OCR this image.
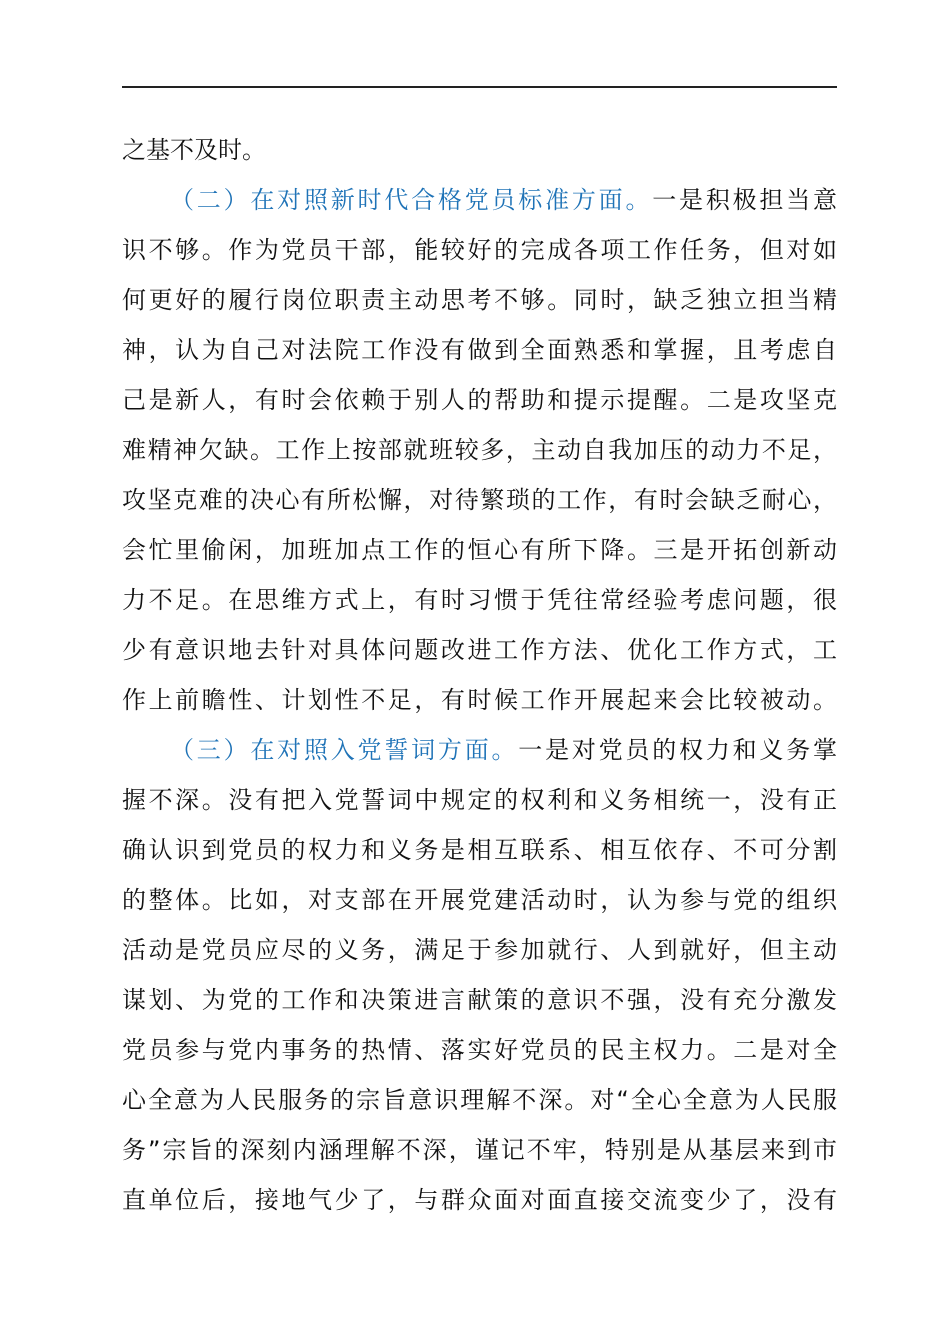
之基不及时。
（二）在对照新时代合格党员标准方面。一是积极担当意
识不够。作为党员干部，能较好的完成各项工作任务，但对如
何更好的履行岗位职责主动思考不够。同时，缺乏独立担当精
神，认为自己对法院工作没有做到全面熟悉和掌握，且考虑自
己是新人，有时会依赖于别人的帮助和提示提醒。二是攻坚克
难精神欠缺。工作上按部就班较多，主动自我加压的动力不足，
攻坚克难的决心有所松懈，对待繁琐的工作，有时会缺乏耐心，
会忙里偷闲，加班加点工作的恒心有所下降。三是开拓创新动
力不足。在思维方式上，有时习惯于凭往常经验考虑问题，很
少有意识地去针对具体问题改进工作方法、优化工作方式，工
作上前瞻性、计划性不足，有时候工作开展起来会比较被动。
（三）在对照入党誓词方面。一是对党员的权力和义务掌
握不深。没有把入党誓词中规定的权利和义务相统一，没有正
确认识到党员的权力和义务是相互联系、相互依存、不可分割
的整体。比如，对支部在开展党建活动时，认为参与党的组织
活动是党员应尽的义务，满足于参加就行、人到就好，但主动
谋划、为党的工作和决策进言献策的意识不强，没有充分激发
党员参与党内事务的热情、落实好党员的民主权力。二是对全
心全意为人民服务的宗旨意识理解不深。对“全心全意为人民服
务”宗旨的深刻内涵理解不深，谨记不牢，特别是从基层来到市
直单位后，接地气少了，与群众面对面直接交流变少了，没有
